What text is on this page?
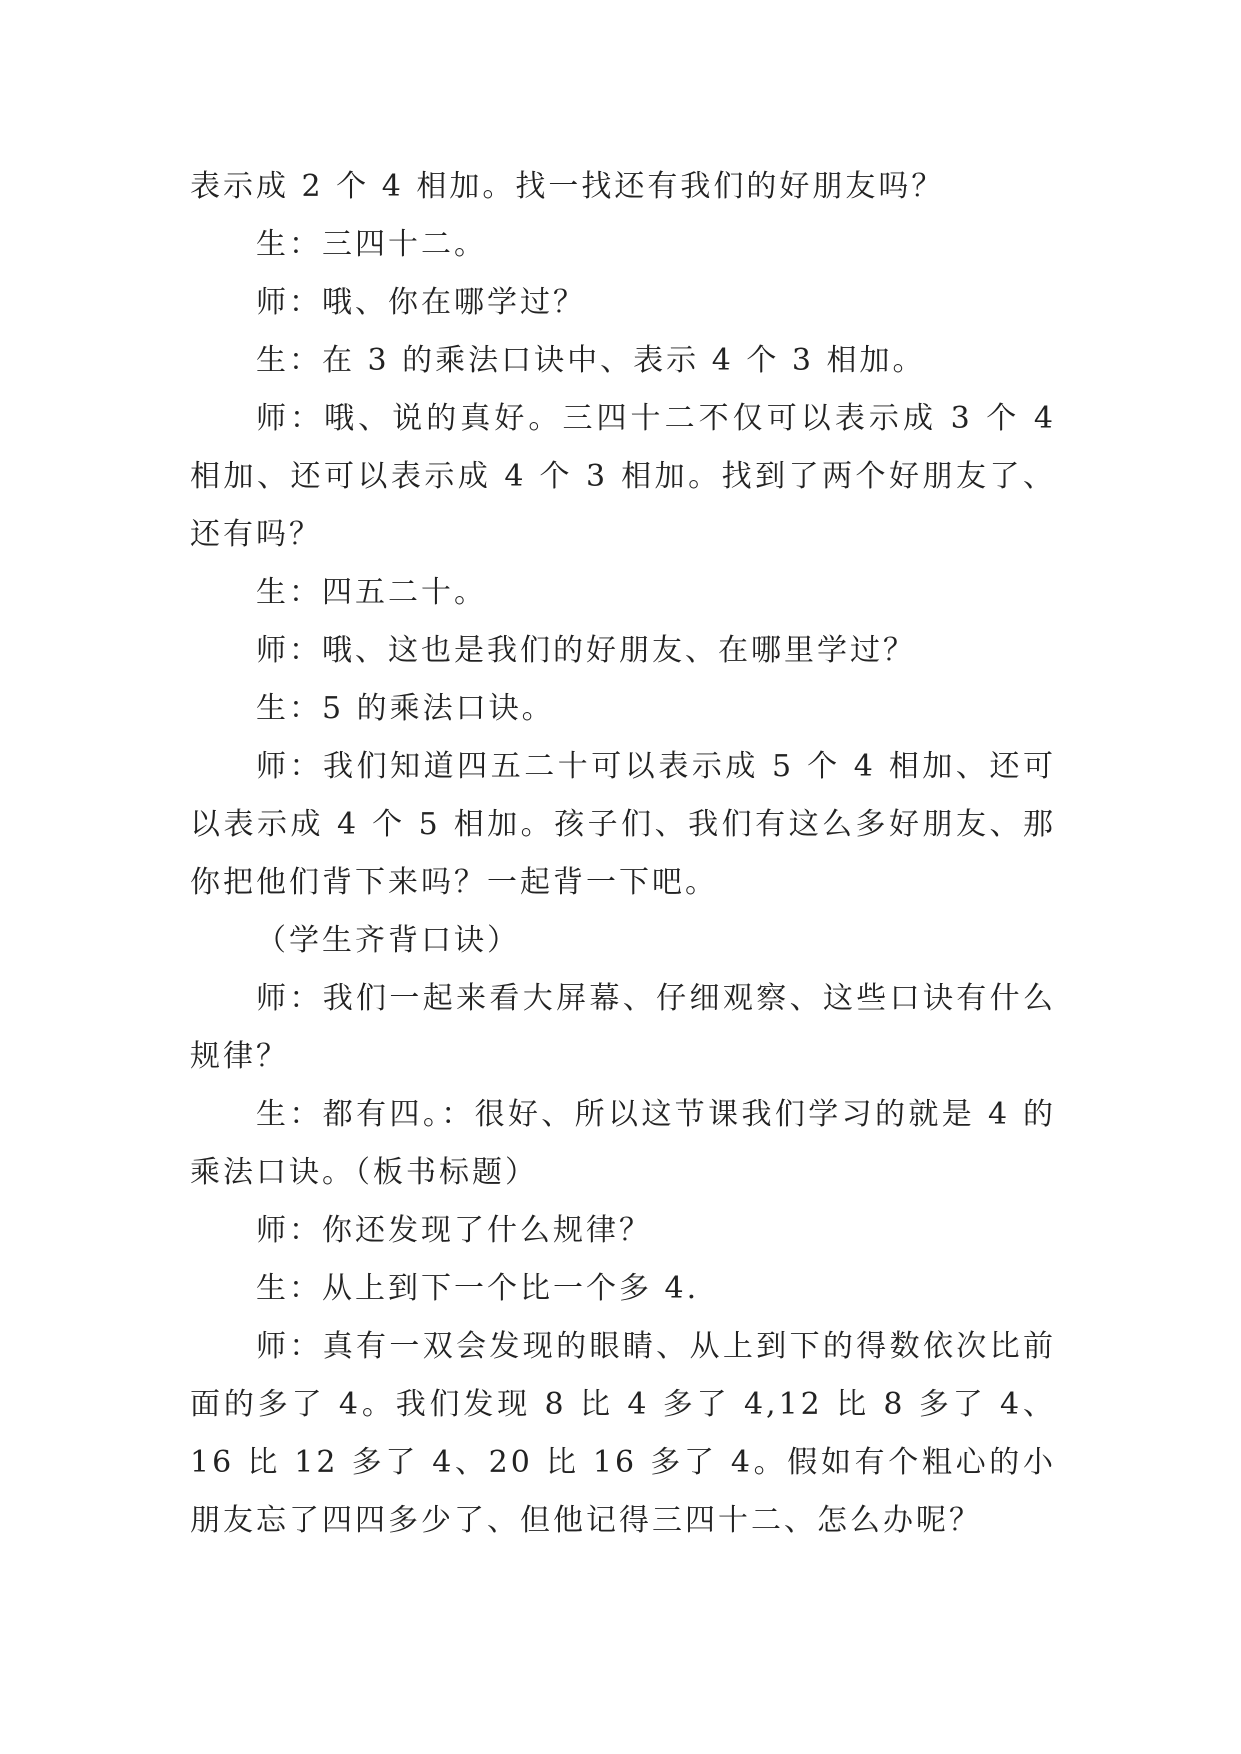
表示成 2 个 4 相加。找一找还有我们的好朋友吗？

生：三四十二。

师：哦、你在哪学过？

生：在 3 的乘法口诀中、表示 4 个 3 相加。

师：哦、说的真好。三四十二不仅可以表示成 3 个 4 相加、还可以表示成 4 个 3 相加。找到了两个好朋友了、还有吗？

生：四五二十。

师：哦、这也是我们的好朋友、在哪里学过？

生：5 的乘法口诀。

师：我们知道四五二十可以表示成 5 个 4 相加、还可以表示成 4 个 5 相加。孩子们、我们有这么多好朋友、那你把他们背下来吗？一起背一下吧。

（学生齐背口诀）

师：我们一起来看大屏幕、仔细观察、这些口诀有什么规律？

生：都有四。：很好、所以这节课我们学习的就是 4 的乘法口诀。（板书标题）

师：你还发现了什么规律？

生：从上到下一个比一个多 4.

师：真有一双会发现的眼睛、从上到下的得数依次比前面的多了 4。我们发现 8 比 4 多了 4,12 比 8 多了 4、16 比 12 多了 4、20 比 16 多了 4。假如有个粗心的小朋友忘了四四多少了、但他记得三四十二、怎么办呢？
